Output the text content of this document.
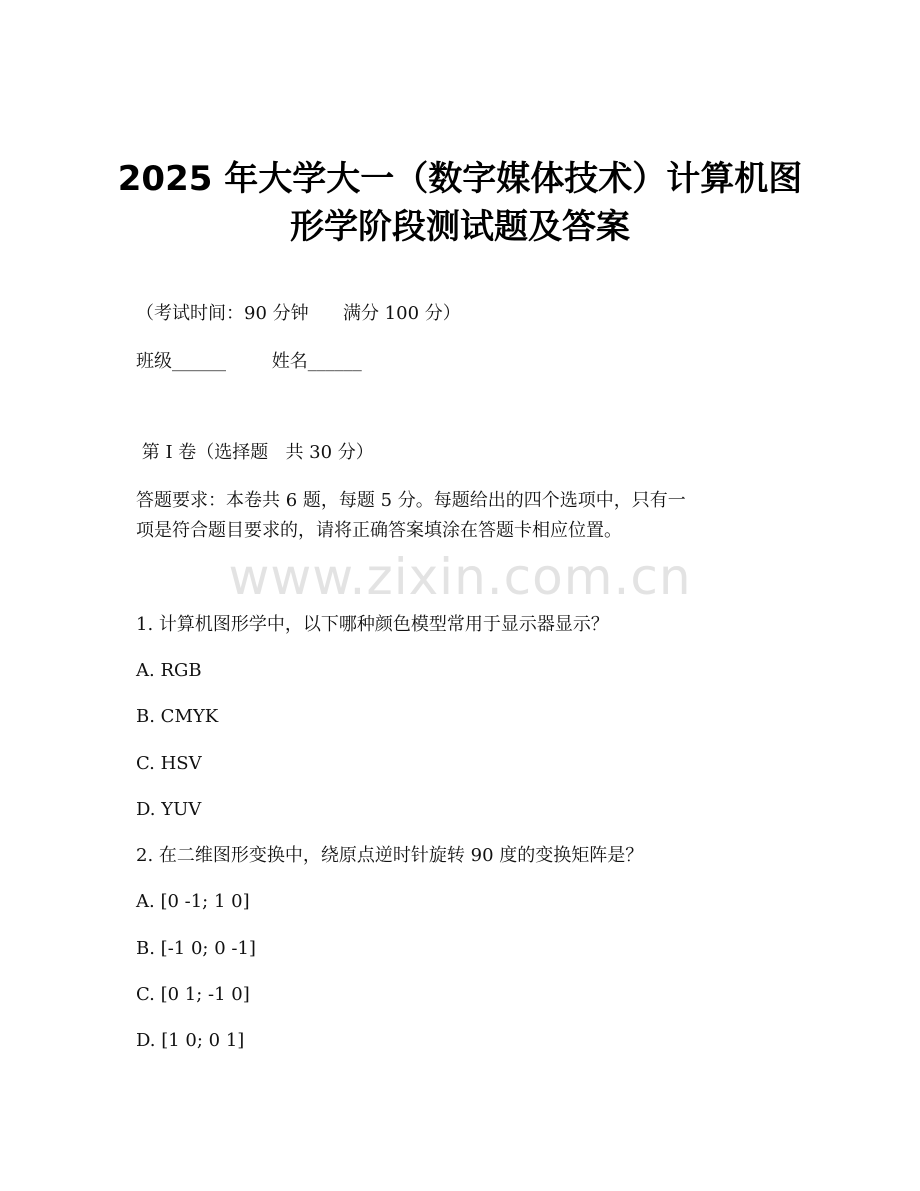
2025 年大学大一（数字媒体技术）计算机图
形学阶段测试题及答案
（考试时间：90 分钟      满分 100 分）
班级______        姓名______
第 I 卷（选择题   共 30 分）
答题要求：本卷共 6 题，每题 5 分。每题给出的四个选项中，只有一
项是符合题目要求的，请将正确答案填涂在答题卡相应位置。
www.zixin.com.cn
1. 计算机图形学中，以下哪种颜色模型常用于显示器显示？
A. RGB
B. CMYK
C. HSV
D. YUV
2. 在二维图形变换中，绕原点逆时针旋转 90 度的变换矩阵是？
A. [0 -1; 1 0]
B. [-1 0; 0 -1]
C. [0 1; -1 0]
D. [1 0; 0 1]
